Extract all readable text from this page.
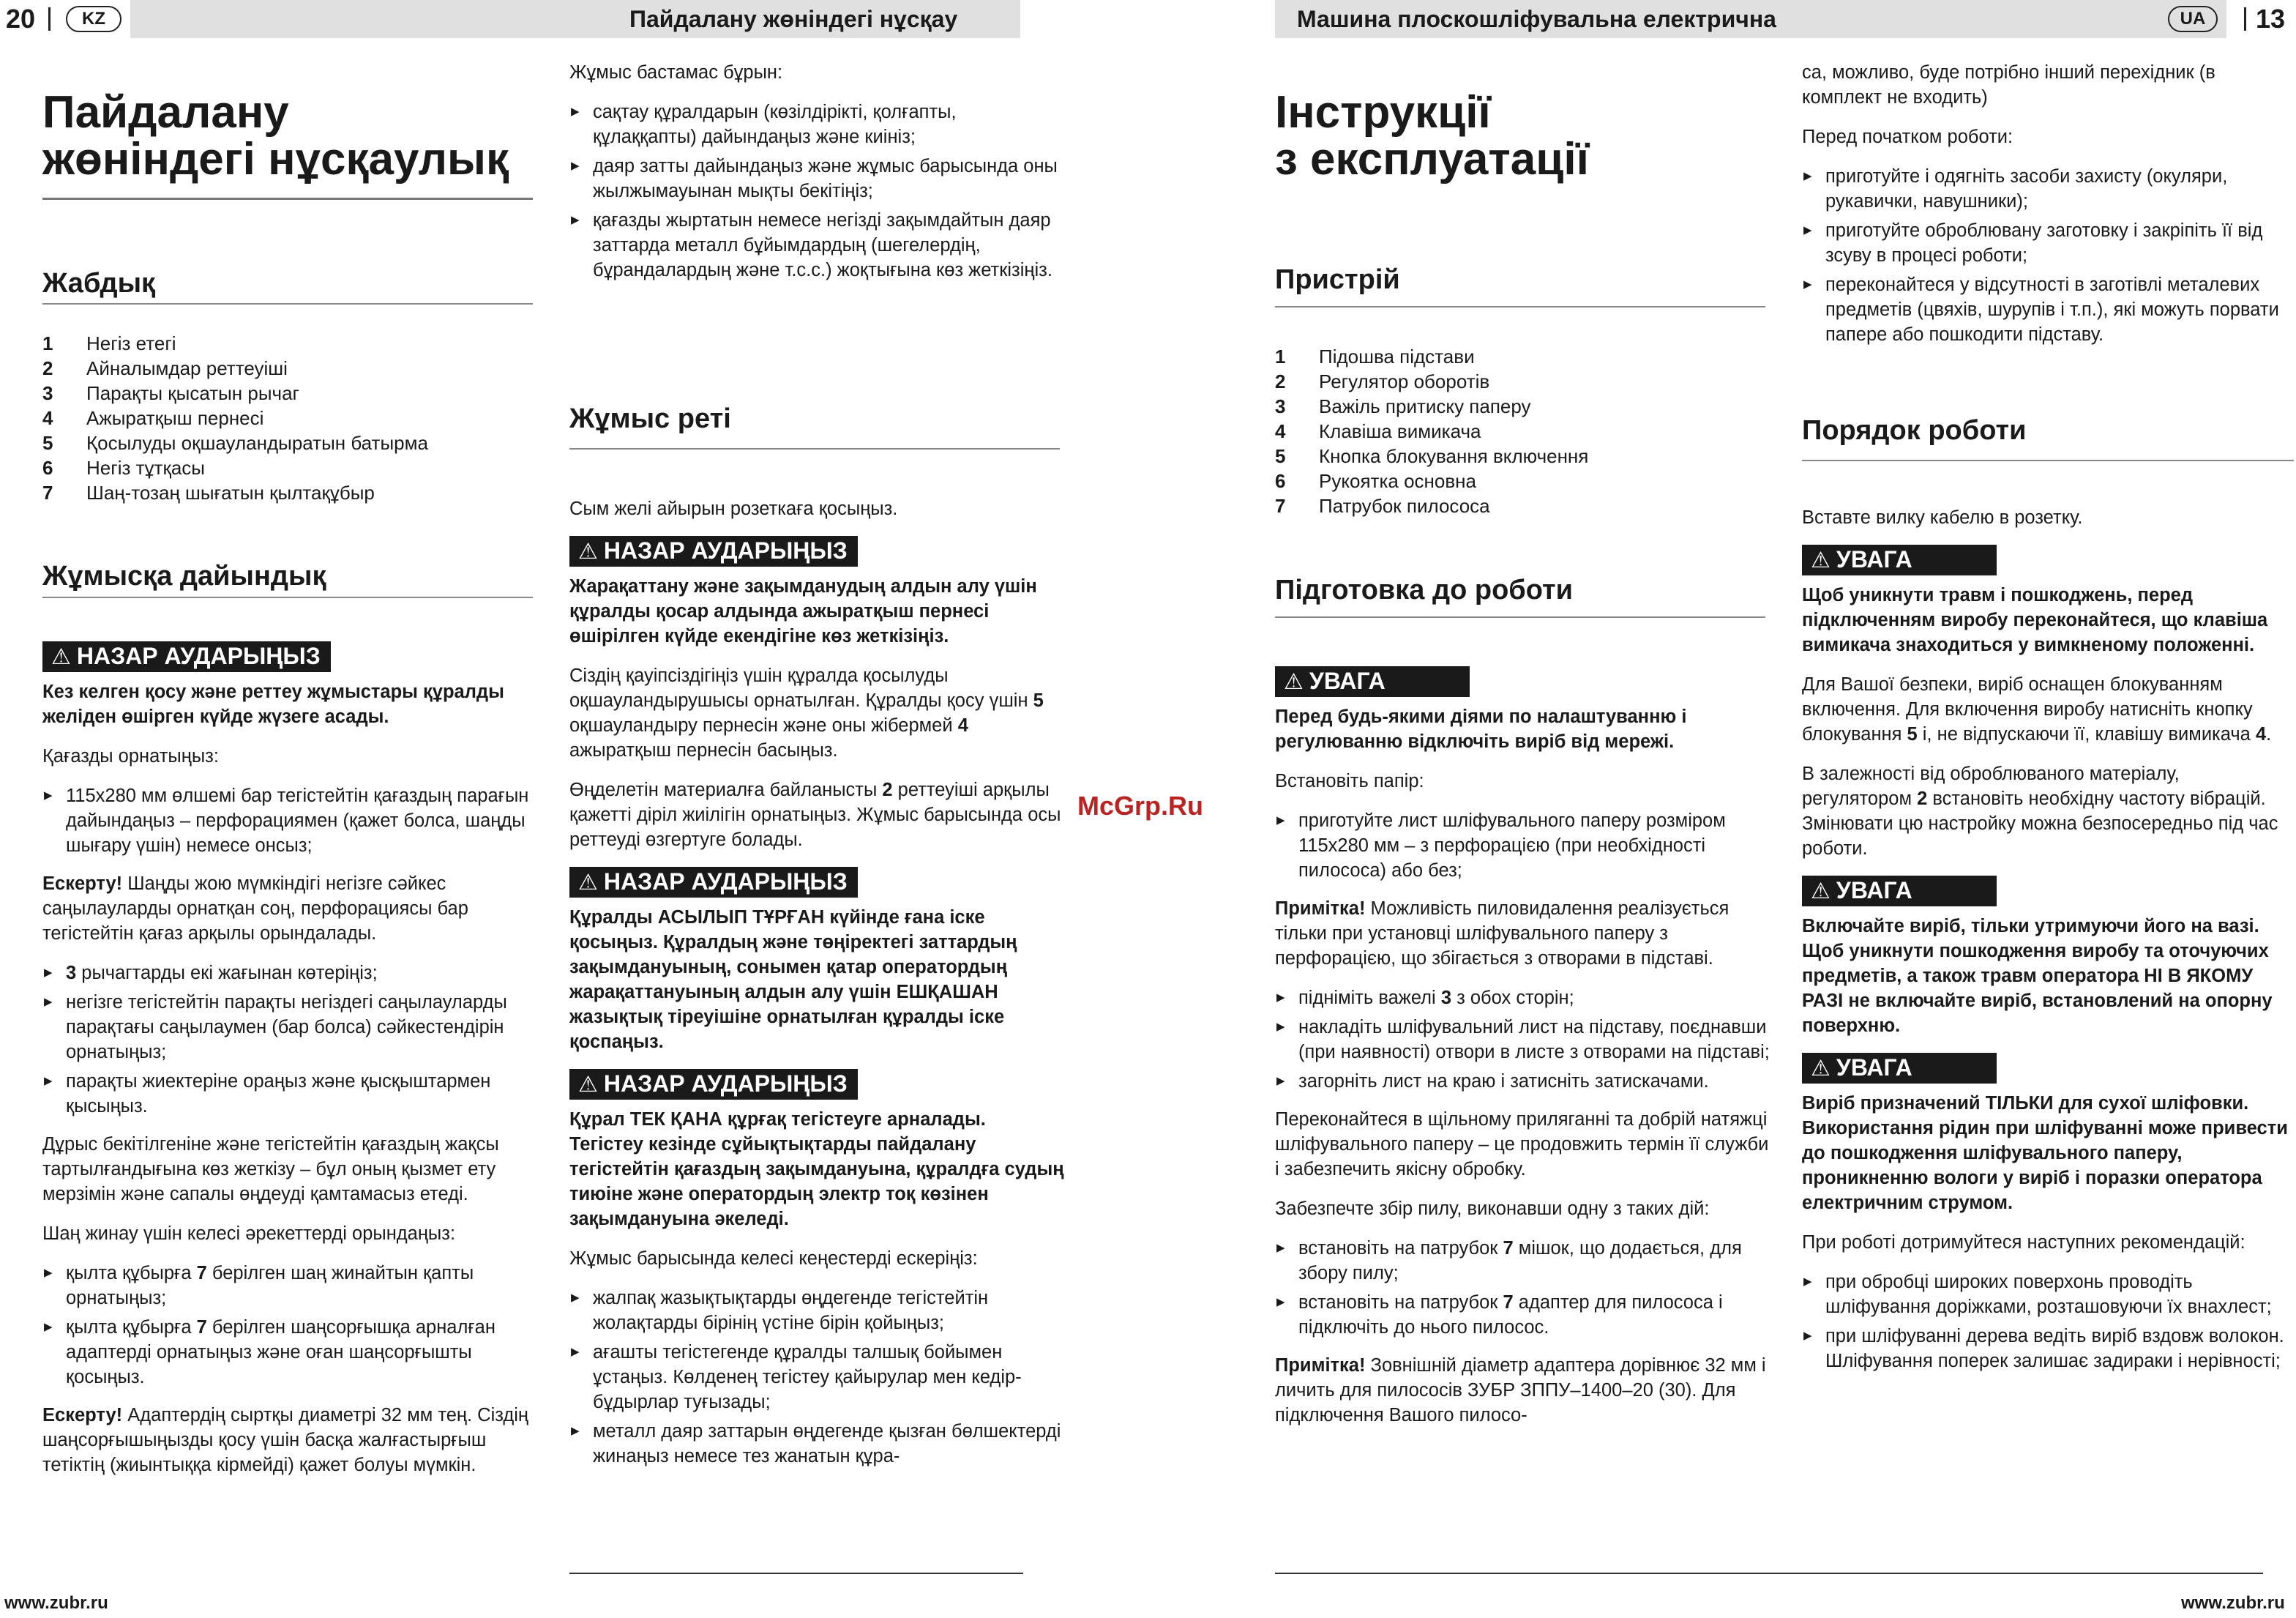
20	KZ	Пайдалану жөніндегі нұсқау
Пайдалану
жөніндегі нұсқаулық
Жабдық
1	Негіз етегі
2	Айналымдар реттеуіші
3	Парақты қысатын рычаг
4	Ажыратқыш пернесі
5	Қосылуды оқшауландыратын батырма
6	Негіз тұтқасы
7	Шаң-тозаң шығатын қылтақұбыр
Жұмысқа дайындық
⚠ НАЗАР АУДАРЫҢЫЗ

Кез келген қосу және реттеу жұмыстары құралды желіден өшірген күйде жүзеге асады.

Қағазды орнатыңыз:

▶ 115x280 мм өлшемі бар тегістейтін қағаздың парағын дайындаңыз – перфорациямен (қажет болса, шаңды шығару үшін) немесе онсыз;

Ескерту! Шаңды жою мүмкіндігі негізге сәйкес саңылауларды орнатқан соң, перфорациясы бар тегістейтін қағаз арқылы орындалады.

▶ 3 рычагтарды екі жағынан көтеріңіз;
▶ негізге тегістейтін парақты негіздегі саңылауларды парақтағы саңылаумен (бар болса) сәйкестендірін орнатыңыз;
▶ парақты жиектеріне ораңыз және қысқыштармен қысыңыз.

Дұрыс бекітілгеніне және тегістейтін қағаздың жақсы тартылғандығына көз жеткізу – бұл оның қызмет ету мерзімін және сапалы өңдеуді қамтамасыз етеді.

Шаң жинау үшін келесі әрекеттерді орындаңыз:

▶ қылта құбырға 7 берілген шаң жинайтын қапты орнатыңыз;
▶ қылта құбырға 7 берілген шаңсорғышқа арналған адаптерді орнатыңыз және оған шаңсорғышты қосыңыз.

Ескерту! Адаптердің сыртқы диаметрі 32 мм тең. Сіздің шаңсорғышыңызды қосу үшін басқа жалғастырғыш тетіктің (жиынтыққа кірмейді) қажет болуы мүмкін.

Жұмыс бастамас бұрын:

▶ сақтау құралдарын (көзілдірікті, қолғапты, құлаққапты) дайындаңыз және киініз;
▶ даяр затты дайындаңыз және жұмыс барысында оны жылжымауынан мықты бекітіңіз;
▶ қағазды жыртатын немесе негізді зақымдайтын даяр заттарда металл бұйымдардың (шегелердің, бұрандалардың және т.с.с.) жоқтығына көз жеткізіңіз.
Жұмыс реті

Сым желі айырын розеткаға қосыңыз.

⚠ НАЗАР АУДАРЫҢЫЗ

Жарақаттану және зақымданудың алдын алу үшін құралды қосар алдында ажыратқыш пернесі өшірілген күйде екендігіне көз жеткізіңіз.

Сіздің қауіпсіздігіңіз үшін құралда қосылуды оқшауландырушысы орнатылған. Құралды қосу үшін 5 оқшауландыру пернесін және оны жібермей 4 ажыратқыш пернесін басыңыз.

Өңделетін материалға байланысты 2 реттеуіші арқылы қажетті діріл жиілігін орнатыңыз. Жұмыс барысында осы реттеуді өзгертуге болады.

⚠ НАЗАР АУДАРЫҢЫЗ

Құралды АСЫЛЫП ТҰРҒАН күйінде ғана іске қосыңыз. Құралдың және төңіректегі заттардың зақымдануының, сонымен қатар оператордың жарақаттануының алдын алу үшін ЕШҚАШАН жазықтық тіреуішіне орнатылған құралды іске қоспаңыз.

⚠ НАЗАР АУДАРЫҢЫЗ

Құрал ТЕК ҚАНА құрғақ тегістеуге арналады. Тегістеу кезінде сұйықтықтарды пайдалану тегістейтін қағаздың зақымдануына, құралдға судың тиюіне және оператордың электр тоқ көзінен зақымдануына әкеледі.

Жұмыс барысында келесі кеңестерді ескеріңіз:

▶ жалпақ жазықтықтарды өңдегенде тегістейтін жолақтарды бірінің үстіне бірін қойыңыз;
▶ ағашты тегістегенде құралды талшық бойымен ұстаңыз. Көлденең тегістеу қайырулар мен кедір-бұдырлар туғызады;
▶ металл даяр заттарын өңдегенде қызған бөлшектерді жинаңыз немесе тез жанатын құра-
www.zubr.ru
McGrp.Ru
Машина плоскошліфувальна електрична	UA	13
Інструкції
з експлуатації
Пристрій
1	Підошва підстави
2	Регулятор оборотів
3	Важіль притиску паперу
4	Клавіша вимикача
5	Кнопка блокування включення
6	Рукоятка основна
7	Патрубок пилососа
Підготовка до роботи
⚠ УВАГА

Перед будь-якими діями по налаштуванню і регулюванню відключіть виріб від мережі.

Встановіть папір:

▶ приготуйте лист шліфувального паперу розміром 115x280 мм – з перфорацією (при необхідності пилососа) або без;

Примітка! Можливість пиловидалення реалізується тільки при установці шліфувального паперу з перфорацією, що збігається з отворами в підставі.

▶ підніміть важелі 3 з обох сторін;
▶ накладіть шліфувальний лист на підставу, поєднавши (при наявності) отвори в листе з отворами на підставі;
▶ загорніть лист на краю і затисніть затискачами.

Переконайтеся в щільному приляганні та добрій натяжці шліфувального паперу – це продовжить термін її служби і забезпечить якісну обробку.

Забезпечте збір пилу, виконавши одну з таких дій:

▶ встановіть на патрубок 7 мішок, що додається, для збору пилу;
▶ встановіть на патрубок 7 адаптер для пилососа і підключіть до нього пилосос.

Примітка! Зовнішній діаметр адаптера дорівнює 32 мм і личить для пилососів ЗУБР ЗППУ–1400–20 (30). Для підключення Вашого пилосо-

са, можливо, буде потрібно інший перехідник (в комплект не входить)

Перед початком роботи:

▶ приготуйте і одягніть засоби захисту (окуляри, рукавички, навушники);
▶ приготуйте оброблювану заготовку і закріпіть її від зсуву в процесі роботи;
▶ переконайтеся у відсутності в заготівлі металевих предметів (цвяхів, шурупів і т.п.), які можуть порвати папере або пошкодити підставу.
Порядок роботи

Вставте вилку кабелю в розетку.

⚠ УВАГА

Щоб уникнути травм і пошкоджень, перед підключенням виробу переконайтеся, що клавіша вимикача знаходиться у вимкненому положенні.

Для Вашої безпеки, виріб оснащен блокуванням включення. Для включення виробу натисніть кнопку блокування 5 і, не відпускаючи її, клавішу вимикача 4.

В залежності від оброблюваного матеріалу, регулятором 2 встановіть необхідну частоту вібрацій. Змінювати цю настройку можна безпосередньо під час роботи.

⚠ УВАГА

Включайте виріб, тільки утримуючи його на вазі. Щоб уникнути пошкодження виробу та оточуючих предметів, а також травм оператора НІ В ЯКОМУ РАЗІ не включайте виріб, встановлений на опорну поверхню.

⚠ УВАГА

Виріб призначений ТІЛЬКИ для сухої шліфовки. Використання рідин при шліфуванні може привести до пошкодження шліфувального паперу, проникненню вологи у виріб і поразки оператора електричним струмом.

При роботі дотримуйтеся наступних рекомендацій:

▶ при обробці широких поверхонь проводіть шліфування доріжками, розташовуючи їх внахлест;
▶ при шліфуванні дерева ведіть виріб вздовж волокон. Шліфування поперек залишає задираки і нерівності;
www.zubr.ru
